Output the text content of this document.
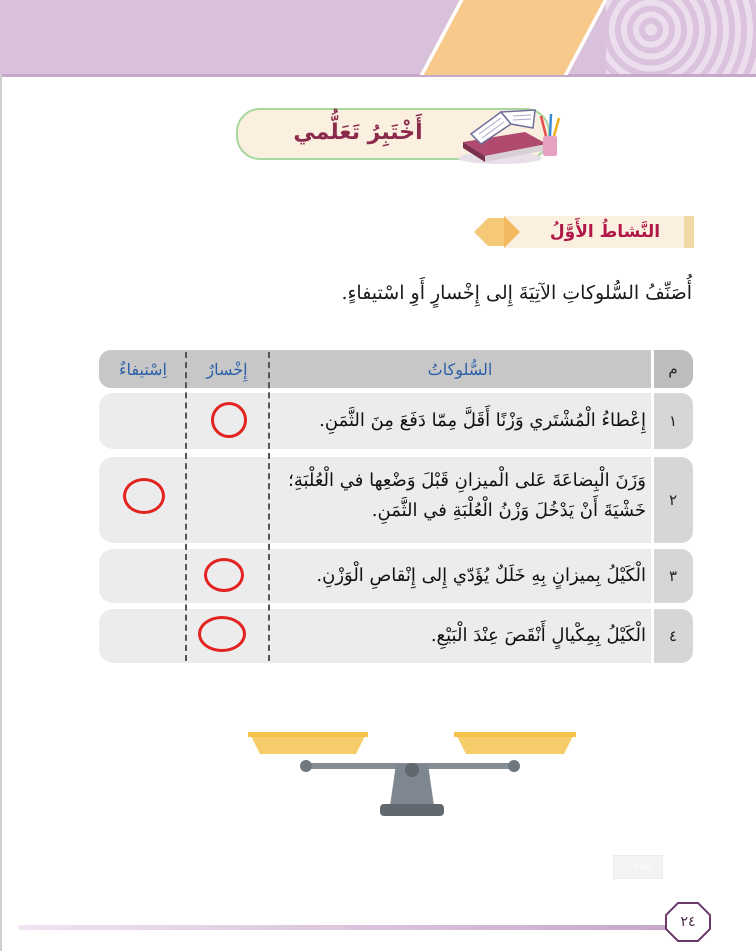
أَخْتَبِرُ تَعَلُّمي
النَّشاطُ الأَوَّلُ
أُصَنِّفُ السُّلوكاتِ الآتِيَةَ إِلى إِخْسارٍ أَوِ اسْتيفاءٍ.
م
السُّلوكاتُ
إِخْسارٌ
اِسْتيفاءٌ
١
إِعْطاءُ الْمُشْتَري وَزْنًا أَقَلَّ مِمّا دَفَعَ مِنَ الثَّمَنِ.
٢
وَزَنَ الْبِضاعَةَ عَلى الْميزانِ قَبْلَ وَضْعِها في الْعُلْبَةِ؛ خَشْيَةَ أَنْ يَدْخُلَ وَزْنُ الْعُلْبَةِ في الثَّمَنِ.
٣
الْكَيْلُ بِميزانٍ بِهِ خَلَلٌ يُؤَدّي إِلى إِنْقاصِ الْوَزْنِ.
٤
الْكَيْلُ بِمِكْيالٍ أَنْقَصَ عِنْدَ الْبَيْعِ.
Save
٢٤
